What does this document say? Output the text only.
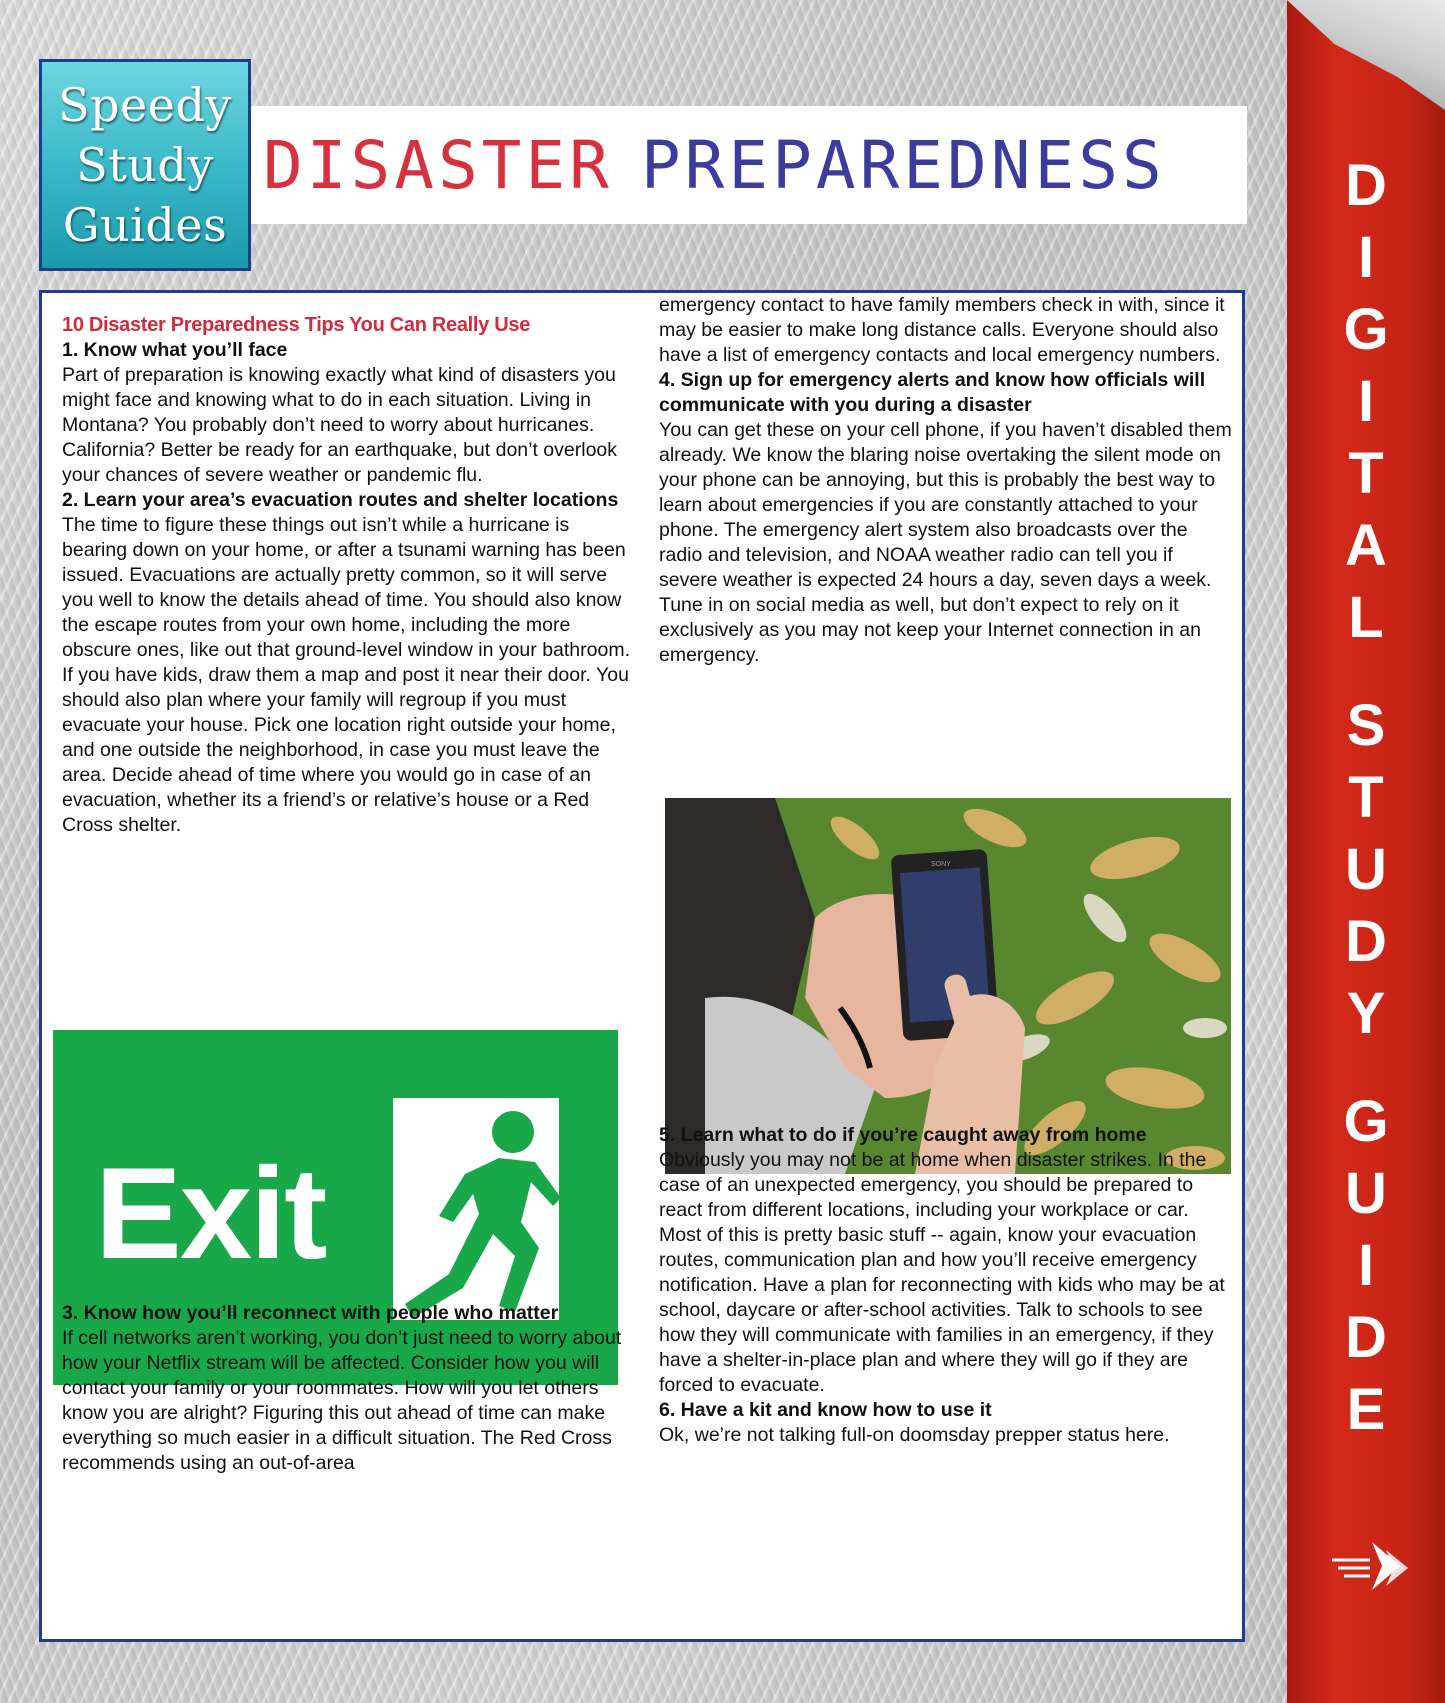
Speedy
Study
Guides
DISASTER PREPAREDNESS	D
I
G
I
T
A
L
S
T
U
D
Y
G
U
I
D
E

10 Disaster Preparedness Tips You Can Really Use

1. Know what you’ll face

Part of preparation is knowing exactly what kind of disasters you might face and knowing what to do in each situation. Living in Montana? You probably don’t need to worry about hurricanes. California? Better be ready for an earthquake, but don’t overlook your chances of severe weather or pandemic flu.

2. Learn your area’s evacuation routes and shelter locations

The time to figure these things out isn’t while a hurricane is bearing down on your home, or after a tsunami warning has been issued. Evacuations are actually pretty common, so it will serve you well to know the details ahead of time. You should also know the escape routes from your own home, including the more obscure ones, like out that ground-level window in your bathroom. If you have kids, draw them a map and post it near their door. You should also plan where your family will regroup if you must evacuate your house. Pick one location right outside your home, and one outside the neighborhood, in case you must leave the area. Decide ahead of time where you would go in case of an evacuation, whether its a friend’s or relative’s house or a Red Cross shelter.

Exit

3. Know how you’ll reconnect with people who matter

If cell networks aren’t working, you don’t just need to worry about how your Netflix stream will be affected. Consider how you will contact your family or your roommates. How will you let others know you are alright? Figuring this out ahead of time can make everything so much easier in a difficult situation. The Red Cross recommends using an out-of-area

emergency contact to have family members check in with, since it may be easier to make long distance calls. Everyone should also have a list of emergency contacts and local emergency numbers.

4. Sign up for emergency alerts and know how officials will communicate with you during a disaster

You can get these on your cell phone, if you haven’t disabled them already. We know the blaring noise overtaking the silent mode on your phone can be annoying, but this is probably the best way to learn about emergencies if you are constantly attached to your phone. The emergency alert system also broadcasts over the radio and television, and NOAA weather radio can tell you if severe weather is expected 24 hours a day, seven days a week. Tune in on social media as well, but don’t expect to rely on it exclusively as you may not keep your Internet connection in an emergency.

SONY

5. Learn what to do if you’re caught away from home

Obviously you may not be at home when disaster strikes. In the case of an unexpected emergency, you should be prepared to react from different locations, including your workplace or car. Most of this is pretty basic stuff -- again, know your evacuation routes, communication plan and how you’ll receive emergency notification. Have a plan for reconnecting with kids who may be at school, daycare or after-school activities. Talk to schools to see how they will communicate with families in an emergency, if they have a shelter-in-place plan and where they will go if they are forced to evacuate.

6. Have a kit and know how to use it

Ok, we’re not talking full-on doomsday prepper status here.
